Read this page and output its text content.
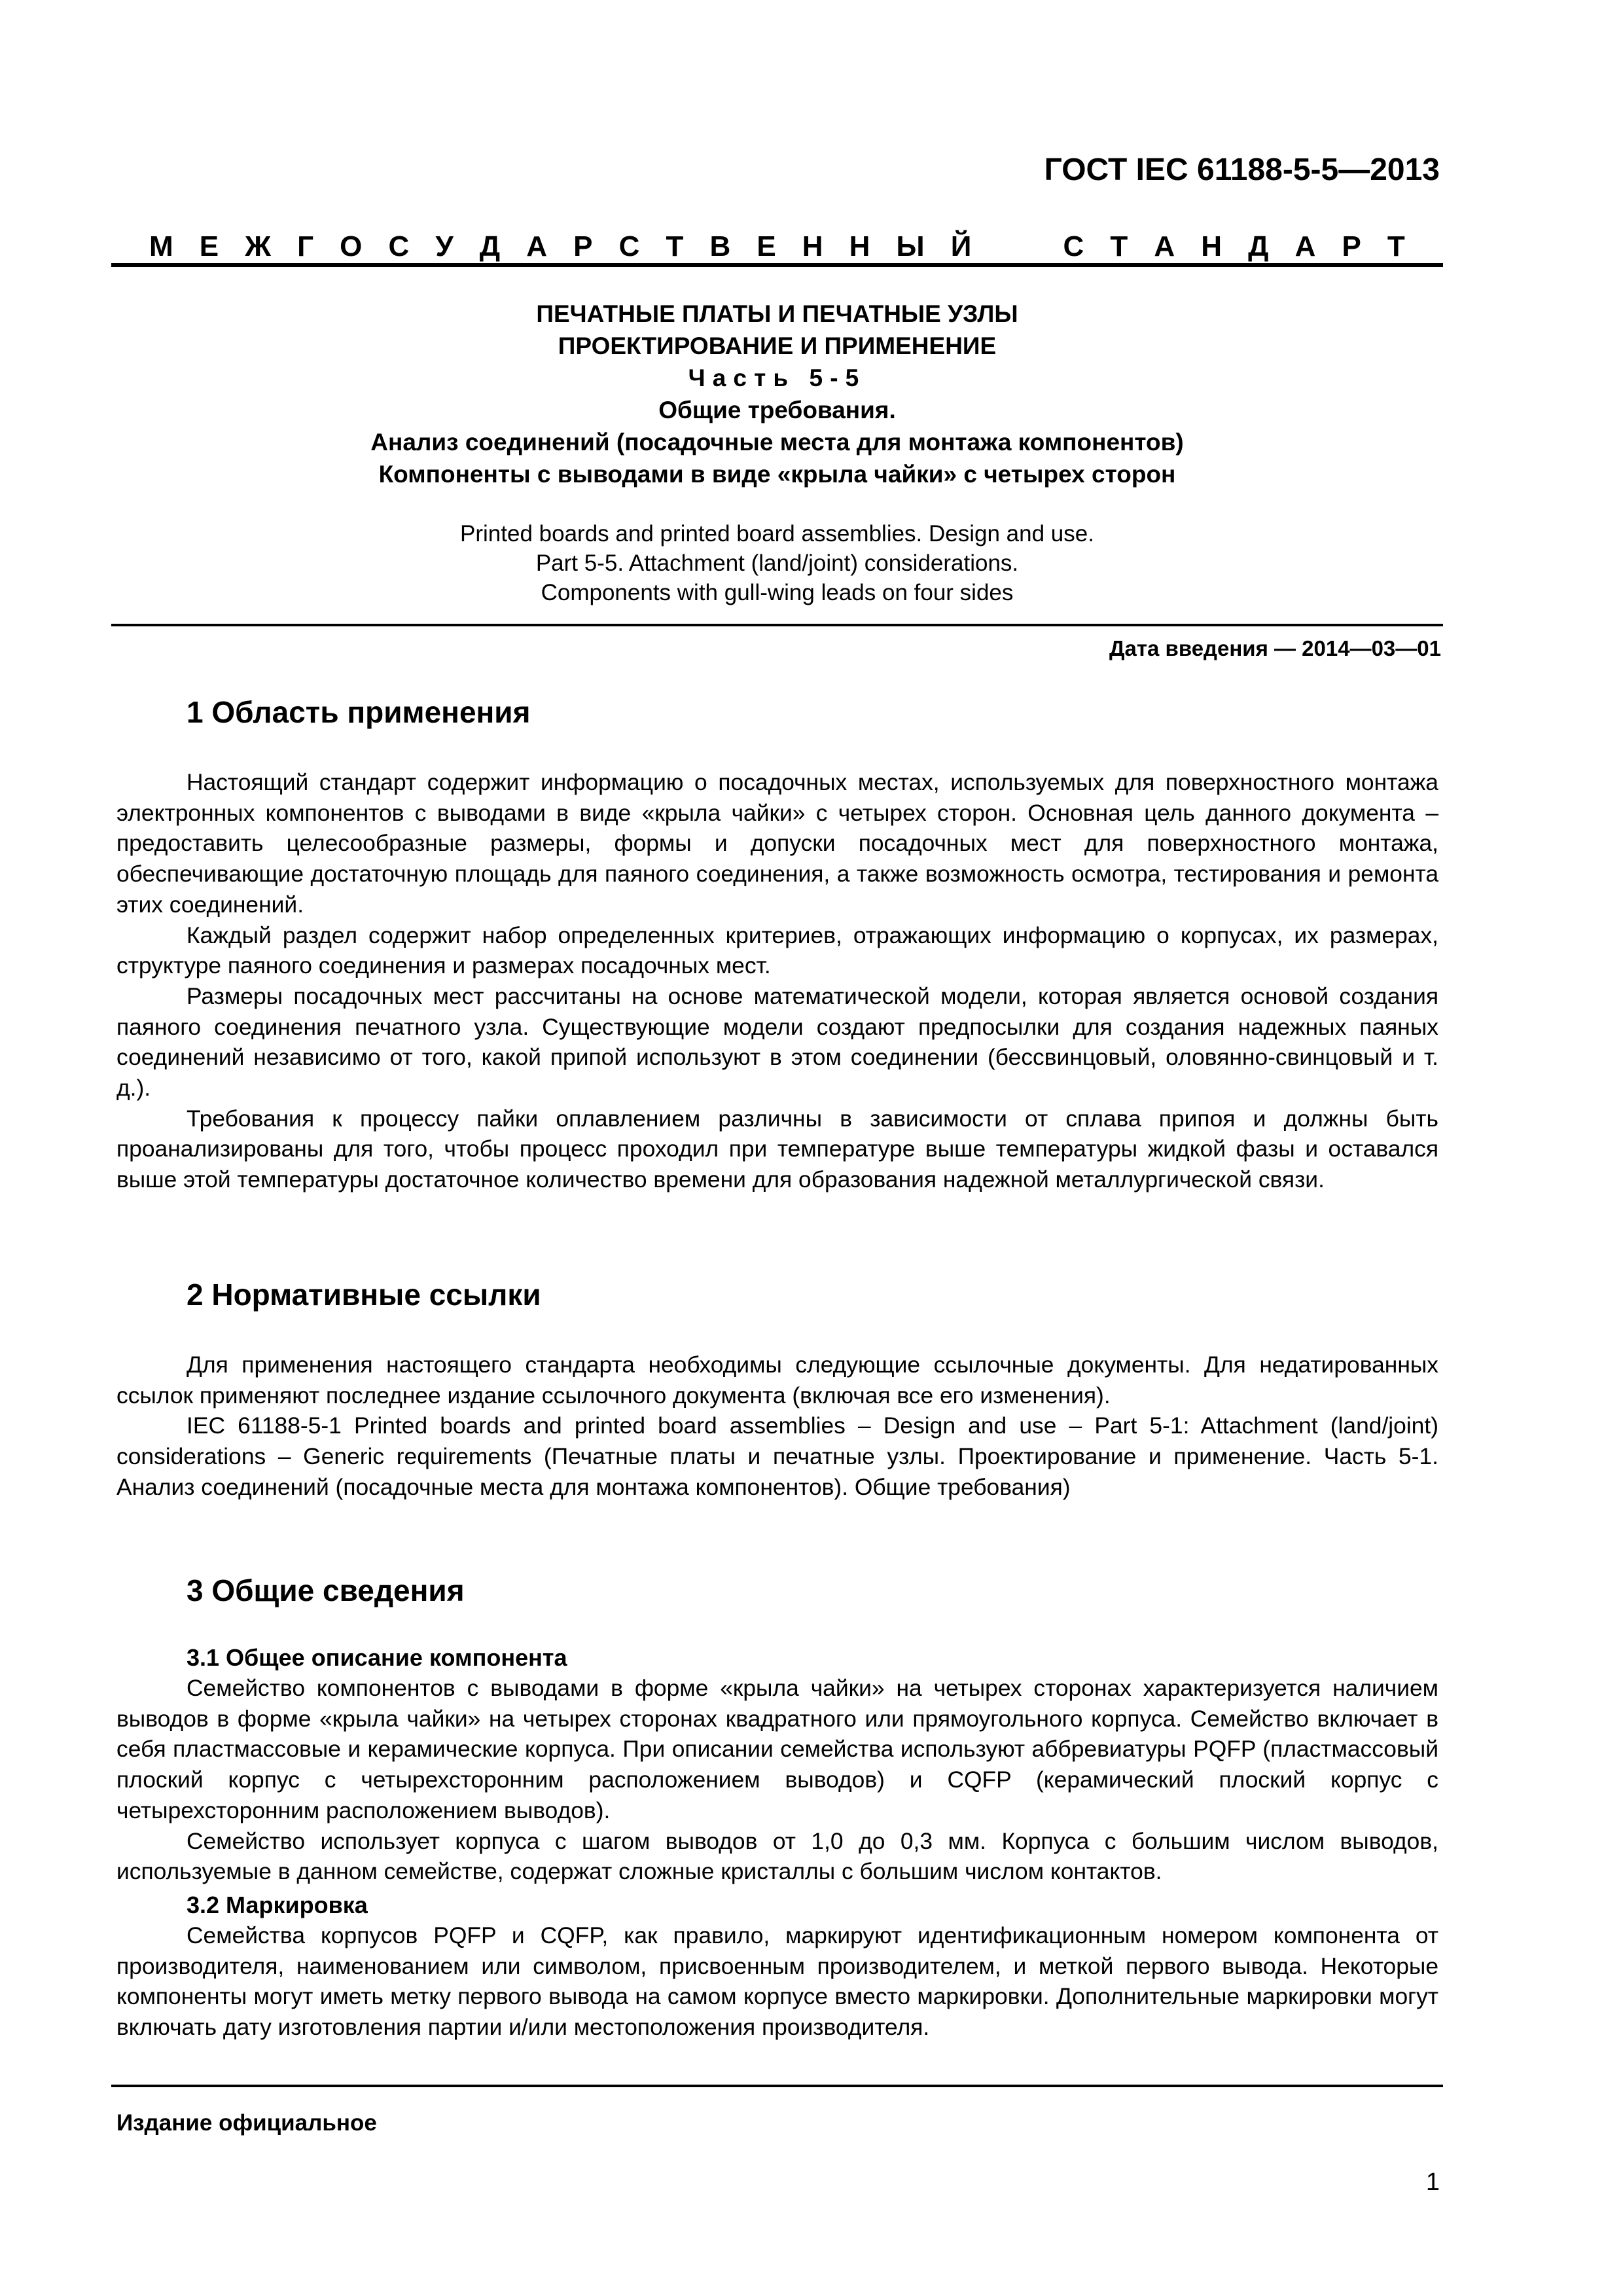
ГОСТ IEC 61188-5-5—2013
М Е Ж Г О С У Д А Р С Т В Е Н Н Ы Й	С Т А Н Д А Р Т
ПЕЧАТНЫЕ ПЛАТЫ И ПЕЧАТНЫЕ УЗЛЫ
ПРОЕКТИРОВАНИЕ И ПРИМЕНЕНИЕ
Часть 5-5
Общие требования.
Анализ соединений (посадочные места для монтажа компонентов)
Компоненты с выводами в виде «крыла чайки» с четырех сторон
Printed boards and printed board assemblies. Design and use.
Part 5-5. Attachment (land/joint) considerations.
Components with gull-wing leads on four sides
Дата введения — 2014—03—01
1 Область применения
Настоящий стандарт содержит информацию о посадочных местах, используемых для поверхностного монтажа электронных компонентов с выводами в виде «крыла чайки» с четырех сторон. Основная цель данного документа – предоставить целесообразные размеры, формы и допуски посадочных мест для поверхностного монтажа, обеспечивающие достаточную площадь для паяного соединения, а также возможность осмотра, тестирования и ремонта этих соединений.
Каждый раздел содержит набор определенных критериев, отражающих информацию о корпусах, их размерах, структуре паяного соединения и размерах посадочных мест.
Размеры посадочных мест рассчитаны на основе математической модели, которая является основой создания паяного соединения печатного узла. Существующие модели создают предпосылки для создания надежных паяных соединений независимо от того, какой припой используют в этом соединении (бессвинцовый, оловянно-свинцовый и т. д.).
Требования к процессу пайки оплавлением различны в зависимости от сплава припоя и должны быть проанализированы для того, чтобы процесс проходил при температуре выше температуры жидкой фазы и оставался выше этой температуры достаточное количество времени для образования надежной металлургической связи.
2 Нормативные ссылки
Для применения настоящего стандарта необходимы следующие ссылочные документы. Для недатированных ссылок применяют последнее издание ссылочного документа (включая все его изменения).
IEC 61188-5-1 Printed boards and printed board assemblies – Design and use – Part 5-1: Attachment (land/joint) considerations – Generic requirements (Печатные платы и печатные узлы. Проектирование и применение. Часть 5-1. Анализ соединений (посадочные места для монтажа компонентов). Общие требования)
3 Общие сведения
3.1 Общее описание компонента
Семейство компонентов с выводами в форме «крыла чайки» на четырех сторонах характеризуется наличием выводов в форме «крыла чайки» на четырех сторонах квадратного или прямоугольного корпуса. Семейство включает в себя пластмассовые и керамические корпуса. При описании семейства используют аббревиатуры PQFP (пластмассовый плоский корпус с четырехсторонним расположением выводов) и CQFP (керамический плоский корпус с четырехсторонним расположением выводов).
Семейство использует корпуса с шагом выводов от 1,0 до 0,3 мм. Корпуса с большим числом выводов, используемые в данном семействе, содержат сложные кристаллы с большим числом контактов.
3.2 Маркировка
Семейства корпусов PQFP и CQFP, как правило, маркируют идентификационным номером компонента от производителя, наименованием или символом, присвоенным производителем, и меткой первого вывода. Некоторые компоненты могут иметь метку первого вывода на самом корпусе вместо маркировки. Дополнительные маркировки могут включать дату изготовления партии и/или местоположения производителя.
Издание официальное
1
